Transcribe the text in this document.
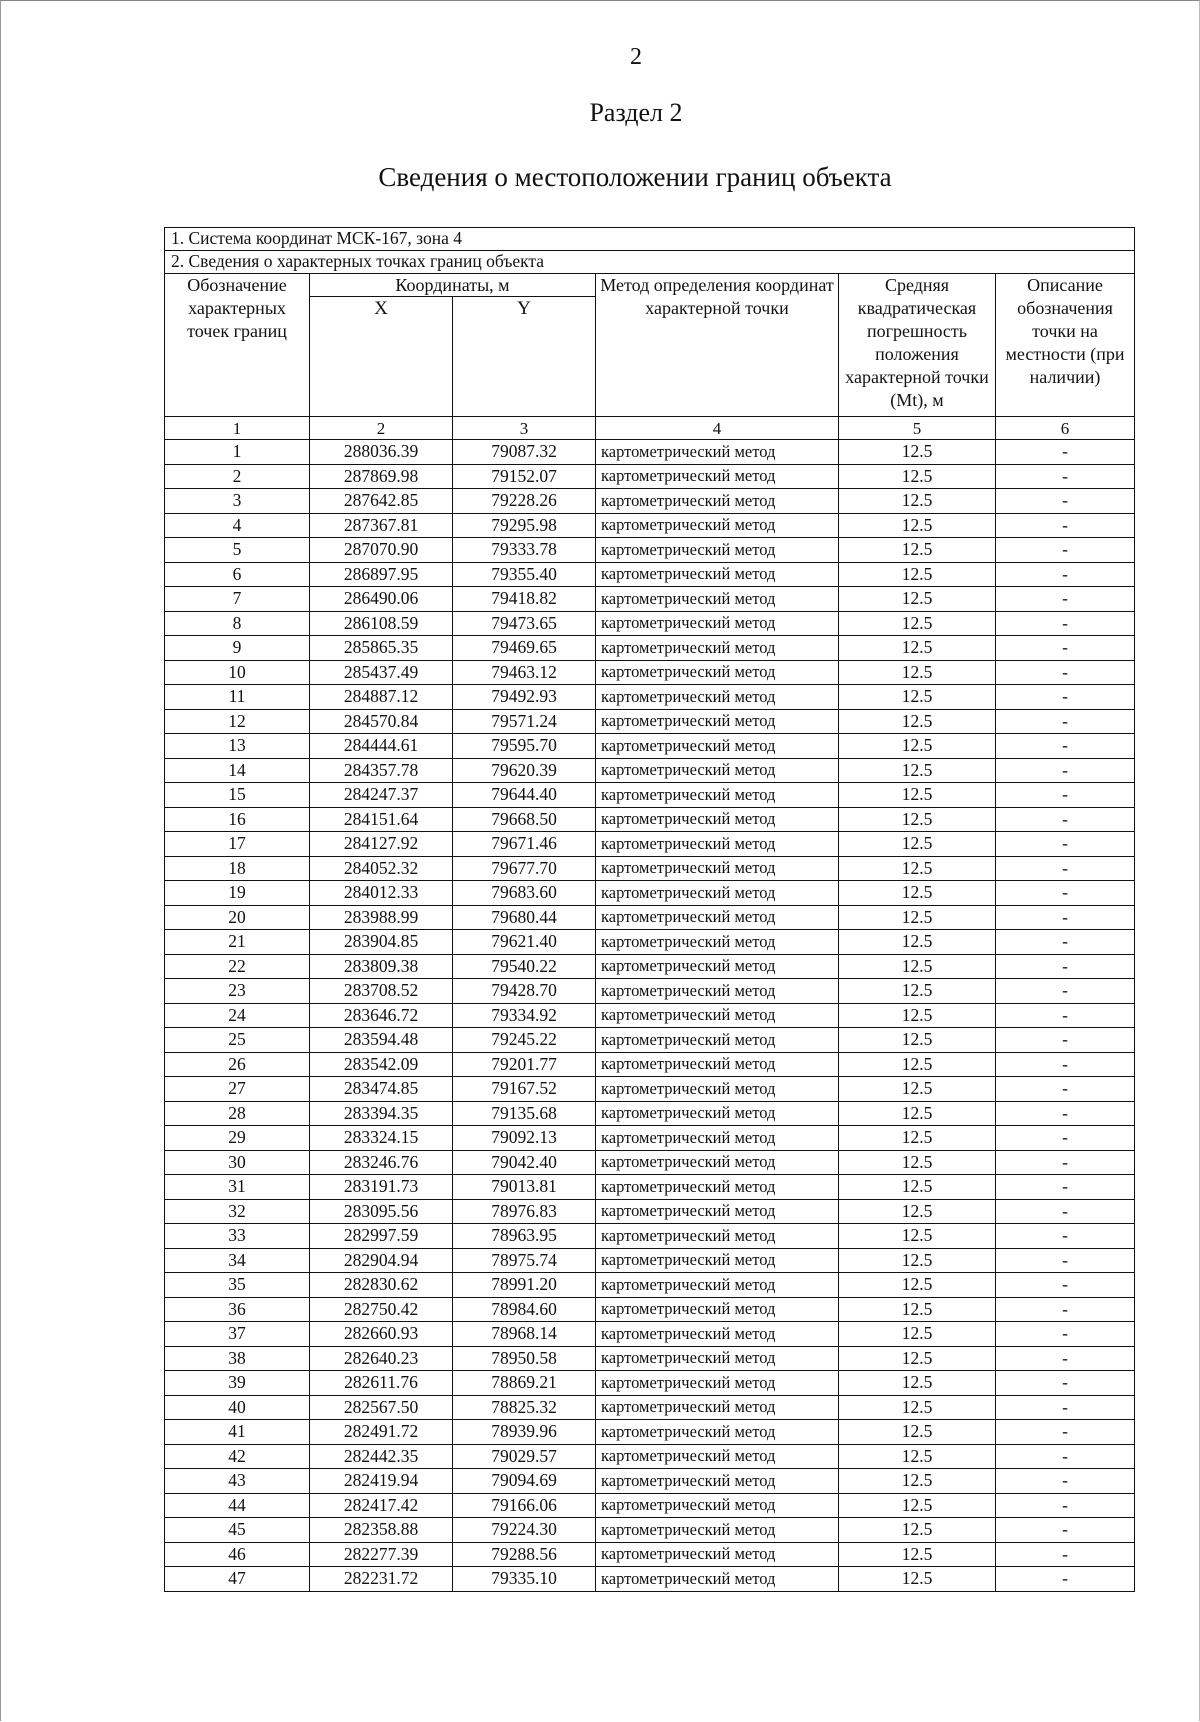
2
Раздел 2
Сведения о местоположении границ объекта
1. Система координат МСК-167, зона 4					
2. Сведения о характерных точках границ объекта					
Обозначение характерных точек границ	Координаты, м		Метод определения координат характерной точки	Средняя квадратическая погрешность положения характерной точки (Mt), м	Описание обозначения точки на местности (при наличии)
	X	Y			
1	2	3	4	5	6
1	288036.39	79087.32	картометрический метод	12.5	-
2	287869.98	79152.07	картометрический метод	12.5	-
3	287642.85	79228.26	картометрический метод	12.5	-
4	287367.81	79295.98	картометрический метод	12.5	-
5	287070.90	79333.78	картометрический метод	12.5	-
6	286897.95	79355.40	картометрический метод	12.5	-
7	286490.06	79418.82	картометрический метод	12.5	-
8	286108.59	79473.65	картометрический метод	12.5	-
9	285865.35	79469.65	картометрический метод	12.5	-
10	285437.49	79463.12	картометрический метод	12.5	-
11	284887.12	79492.93	картометрический метод	12.5	-
12	284570.84	79571.24	картометрический метод	12.5	-
13	284444.61	79595.70	картометрический метод	12.5	-
14	284357.78	79620.39	картометрический метод	12.5	-
15	284247.37	79644.40	картометрический метод	12.5	-
16	284151.64	79668.50	картометрический метод	12.5	-
17	284127.92	79671.46	картометрический метод	12.5	-
18	284052.32	79677.70	картометрический метод	12.5	-
19	284012.33	79683.60	картометрический метод	12.5	-
20	283988.99	79680.44	картометрический метод	12.5	-
21	283904.85	79621.40	картометрический метод	12.5	-
22	283809.38	79540.22	картометрический метод	12.5	-
23	283708.52	79428.70	картометрический метод	12.5	-
24	283646.72	79334.92	картометрический метод	12.5	-
25	283594.48	79245.22	картометрический метод	12.5	-
26	283542.09	79201.77	картометрический метод	12.5	-
27	283474.85	79167.52	картометрический метод	12.5	-
28	283394.35	79135.68	картометрический метод	12.5	-
29	283324.15	79092.13	картометрический метод	12.5	-
30	283246.76	79042.40	картометрический метод	12.5	-
31	283191.73	79013.81	картометрический метод	12.5	-
32	283095.56	78976.83	картометрический метод	12.5	-
33	282997.59	78963.95	картометрический метод	12.5	-
34	282904.94	78975.74	картометрический метод	12.5	-
35	282830.62	78991.20	картометрический метод	12.5	-
36	282750.42	78984.60	картометрический метод	12.5	-
37	282660.93	78968.14	картометрический метод	12.5	-
38	282640.23	78950.58	картометрический метод	12.5	-
39	282611.76	78869.21	картометрический метод	12.5	-
40	282567.50	78825.32	картометрический метод	12.5	-
41	282491.72	78939.96	картометрический метод	12.5	-
42	282442.35	79029.57	картометрический метод	12.5	-
43	282419.94	79094.69	картометрический метод	12.5	-
44	282417.42	79166.06	картометрический метод	12.5	-
45	282358.88	79224.30	картометрический метод	12.5	-
46	282277.39	79288.56	картометрический метод	12.5	-
47	282231.72	79335.10	картометрический метод	12.5	-
